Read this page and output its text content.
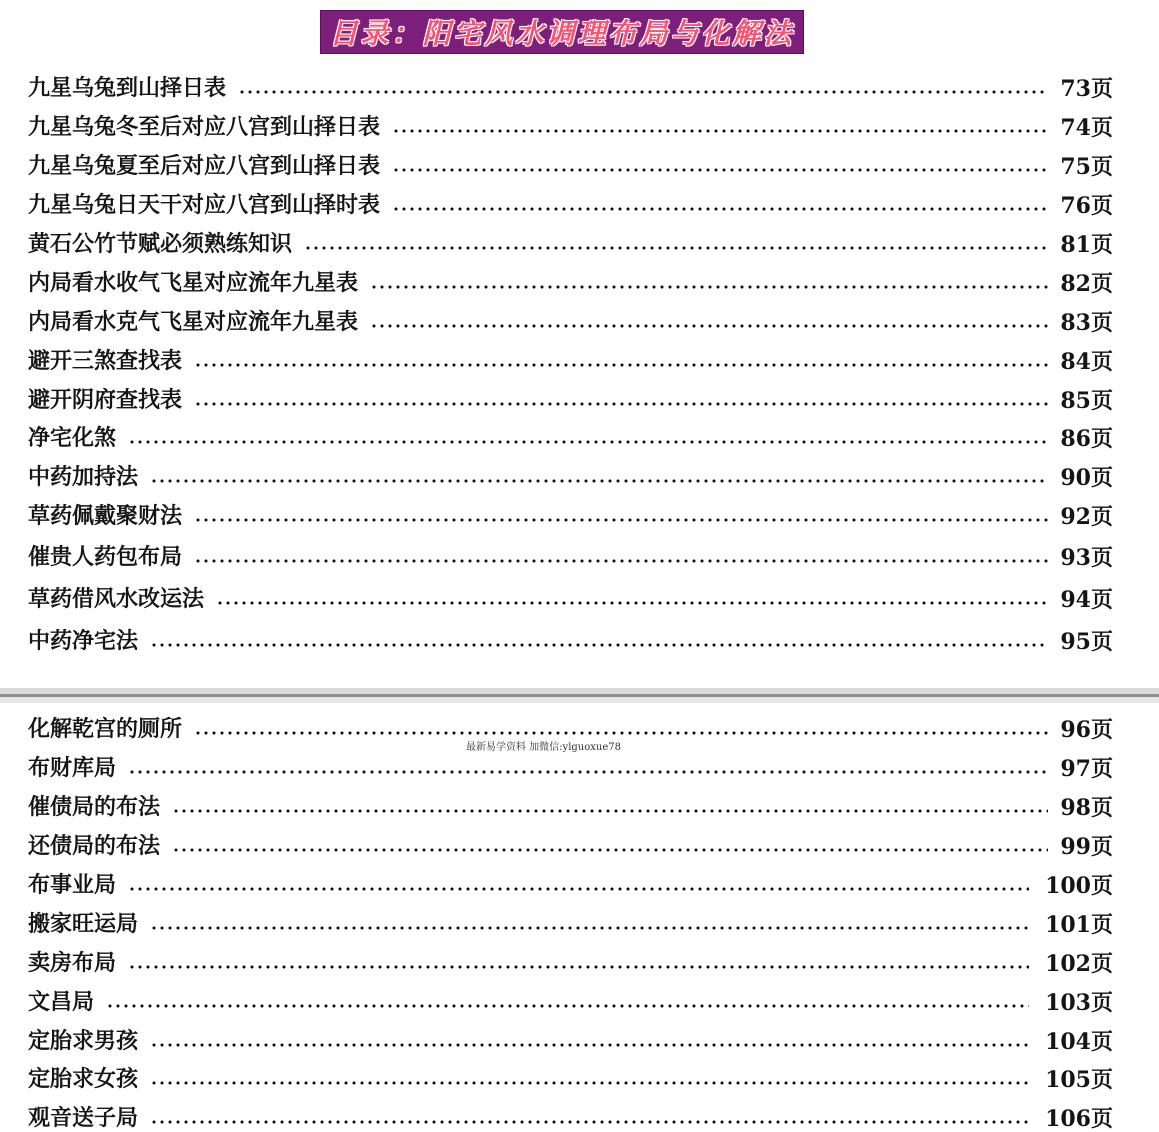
目录：阳宅风水调理布局与化解法
九星乌兔到山择日表	73页
九星乌兔冬至后对应八宫到山择日表	74页
九星乌兔夏至后对应八宫到山择日表	75页
九星乌兔日天干对应八宫到山择时表	76页
黄石公竹节赋必须熟练知识	81页
内局看水收气飞星对应流年九星表	82页
内局看水克气飞星对应流年九星表	83页
避开三煞查找表	84页
避开阴府查找表	85页
净宅化煞	86页
中药加持法	90页
草药佩戴聚财法	92页
催贵人药包布局	93页
草药借风水改运法	94页
中药净宅法	95页
化解乾宫的厕所	96页
布财库局	97页
催债局的布法	98页
还债局的布法	99页
布事业局	100页
搬家旺运局	101页
卖房布局	102页
文昌局	103页
定胎求男孩	104页
定胎求女孩	105页
观音送子局	106页
最新易学资料 加微信:ylguoxue78
